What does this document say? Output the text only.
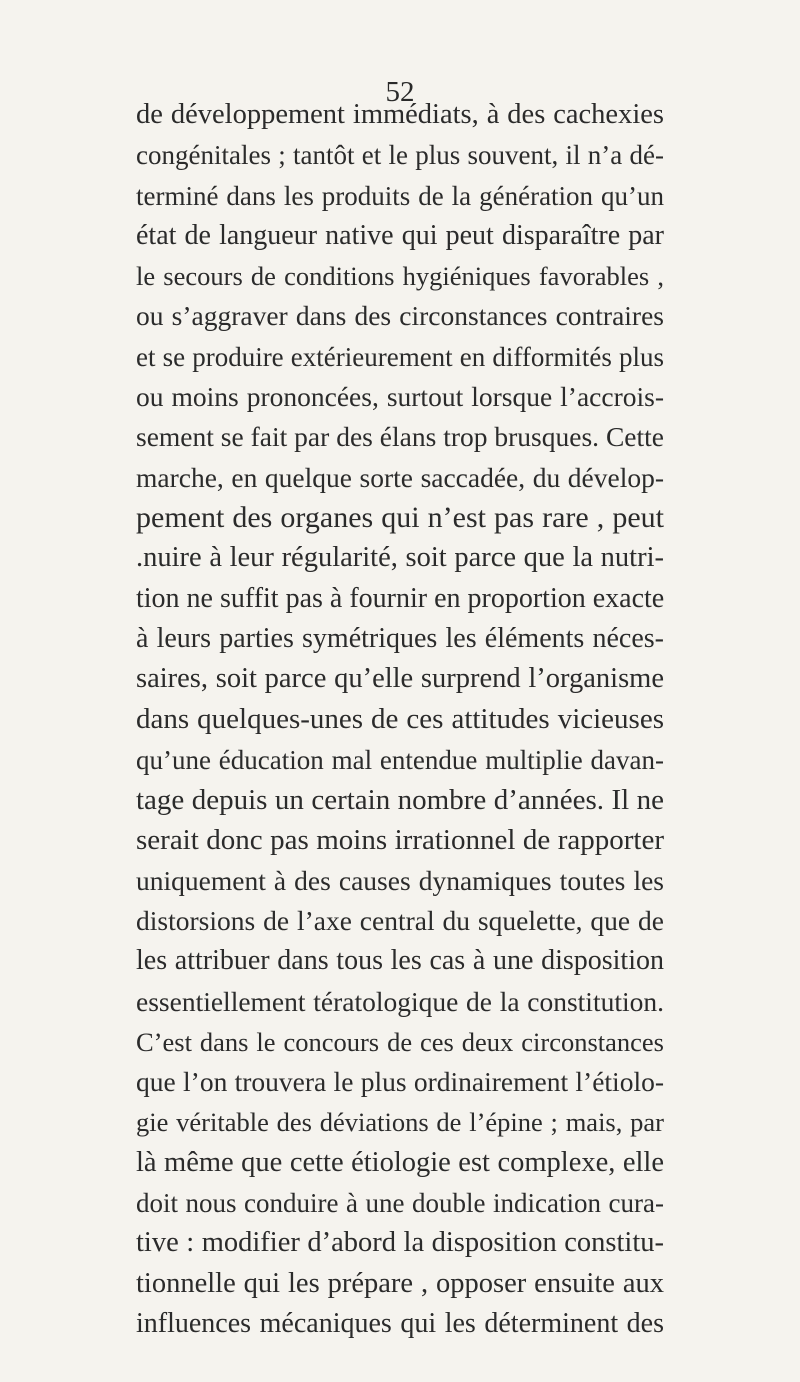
52
de développement immédiats, à des cachexies
congénitales ; tantôt et le plus souvent, il n’a dé-
terminé dans les produits de la génération qu’un
état de langueur native qui peut disparaître par
le secours de conditions hygiéniques favorables ,
ou s’aggraver dans des circonstances contraires
et se produire extérieurement en difformités plus
ou moins prononcées, surtout lorsque l’accrois-
sement se fait par des élans trop brusques. Cette
marche, en quelque sorte saccadée, du dévelop-
pement des organes qui n’est pas rare , peut
.nuire à leur régularité, soit parce que la nutri-
tion ne suffit pas à fournir en proportion exacte
à leurs parties symétriques les éléments néces-
saires, soit parce qu’elle surprend l’organisme
dans quelques-unes de ces attitudes vicieuses
qu’une éducation mal entendue multiplie davan-
tage depuis un certain nombre d’années. Il ne
serait donc pas moins irrationnel de rapporter
uniquement à des causes dynamiques toutes les
distorsions de l’axe central du squelette, que de
les attribuer dans tous les cas à une disposition
essentiellement tératologique de la constitution.
C’est dans le concours de ces deux circonstances
que l’on trouvera le plus ordinairement l’étiolo-
gie véritable des déviations de l’épine ; mais, par
là même que cette étiologie est complexe, elle
doit nous conduire à une double indication cura-
tive : modifier d’abord la disposition constitu-
tionnelle qui les prépare , opposer ensuite aux
influences mécaniques qui les déterminent des
